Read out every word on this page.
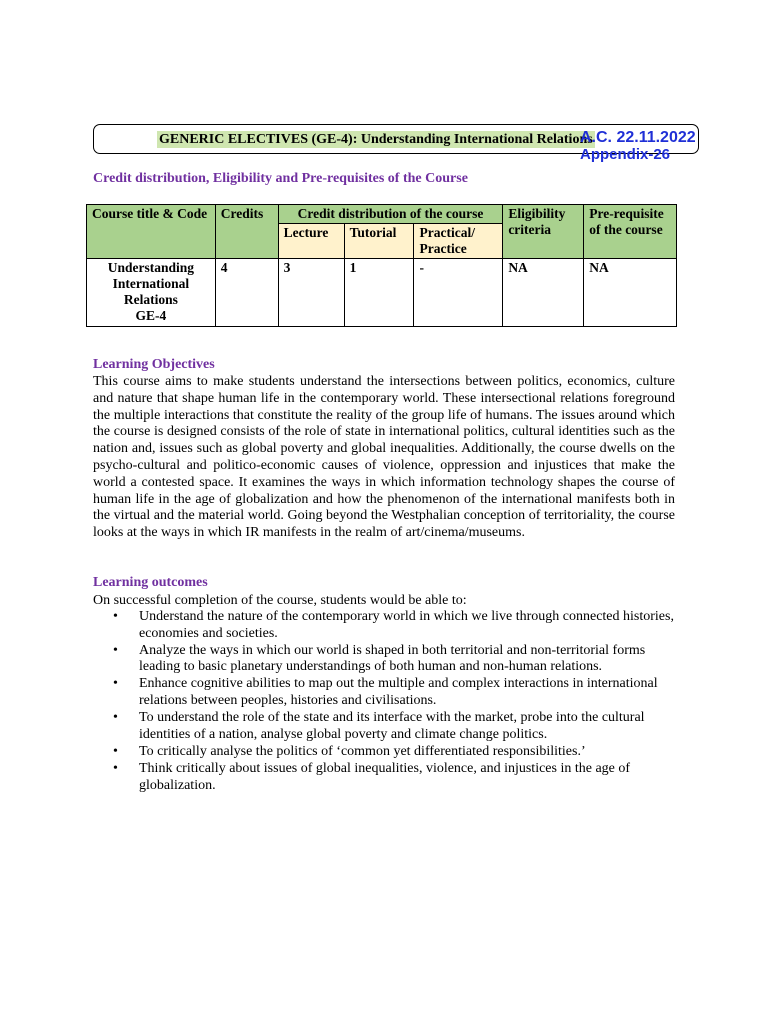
GENERIC ELECTIVES (GE-4): Understanding International Relations
A.C. 22.11.2022
Appendix-26
Credit distribution, Eligibility and Pre-requisites of the Course
Course title & Code	Credits	Credit distribution of the course			Eligibility criteria	Pre-requisite of the course
		Lecture	Tutorial	Practical/ Practice		

Understanding
International
Relations
GE-4	4	3	1	-	NA	NA
Learning Objectives
This course aims to make students understand the intersections between politics, economics, culture and nature that shape human life in the contemporary world. These intersectional relations foreground the multiple interactions that constitute the reality of the group life of humans. The issues around which the course is designed consists of the role of state in international politics, cultural identities such as the nation and, issues such as global poverty and global inequalities. Additionally, the course dwells on the psycho-cultural and politico-economic causes of violence, oppression and injustices that make the world a contested space. It examines the ways in which information technology shapes the course of human life in the age of globalization and how the phenomenon of the international manifests both in the virtual and the material world. Going beyond the Westphalian conception of territoriality, the course looks at the ways in which IR manifests in the realm of art/cinema/museums.
Learning outcomes
On successful completion of the course, students would be able to:
• Understand the nature of the contemporary world in which we live through connected histories, economies and societies.
• Analyze the ways in which our world is shaped in both territorial and non-territorial forms leading to basic planetary understandings of both human and non-human relations.
• Enhance cognitive abilities to map out the multiple and complex interactions in international relations between peoples, histories and civilisations.
• To understand the role of the state and its interface with the market, probe into the cultural identities of a nation, analyse global poverty and climate change politics.
• To critically analyse the politics of ‘common yet differentiated responsibilities.’
• Think critically about issues of global inequalities, violence, and injustices in the age of globalization.
